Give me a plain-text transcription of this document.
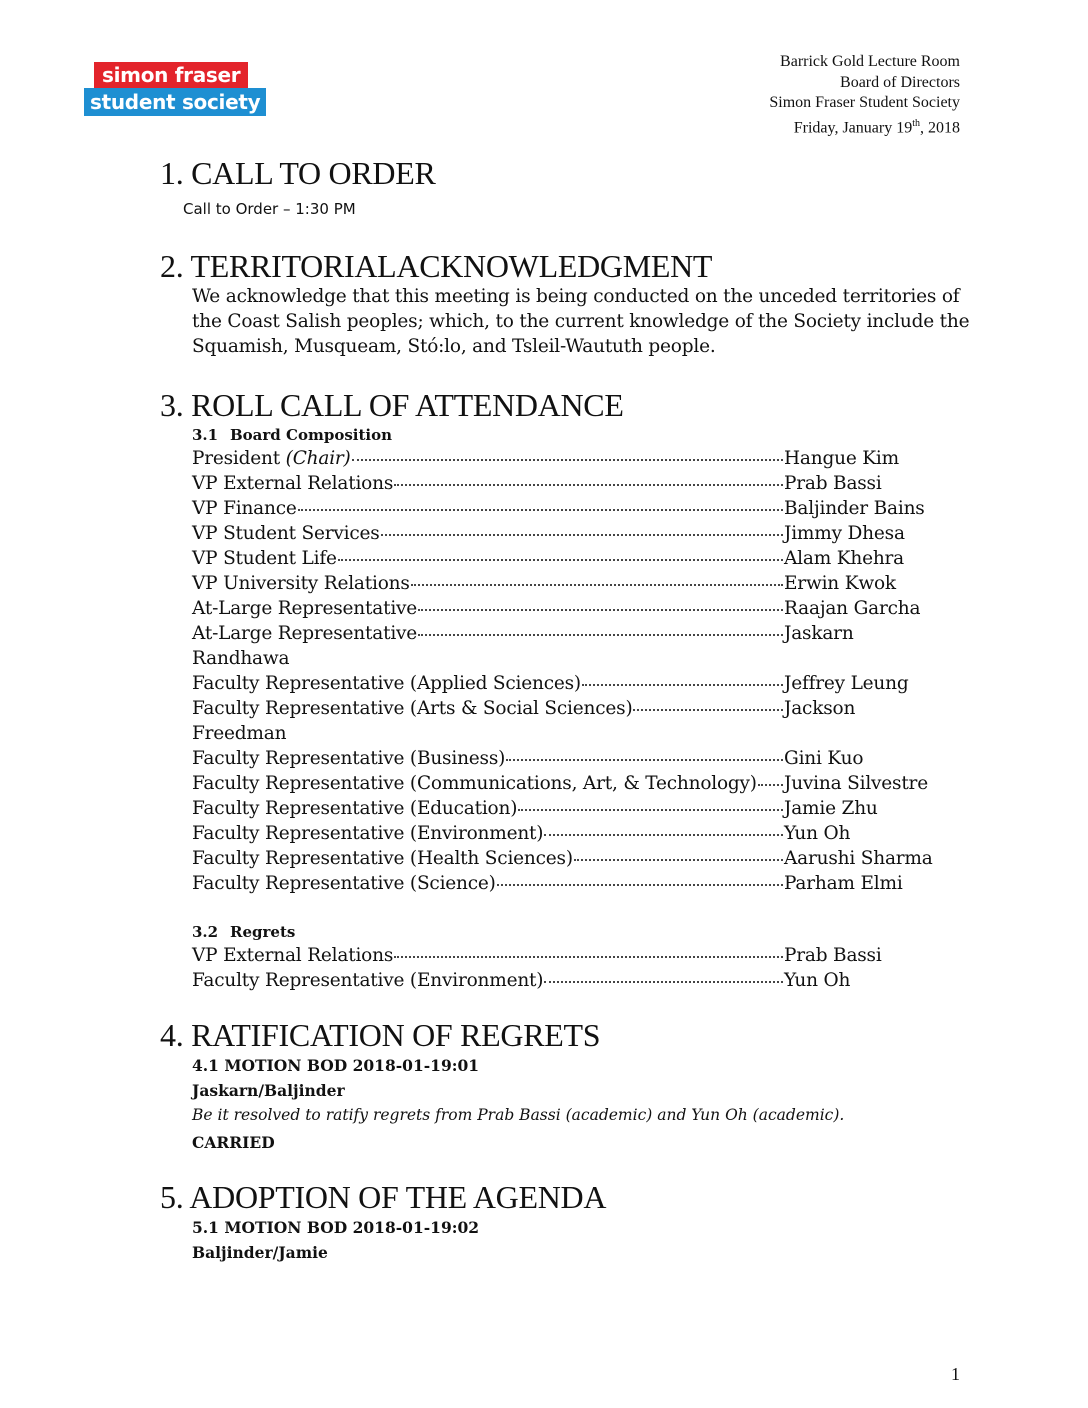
simon fraser
student society
Barrick Gold Lecture Room
Board of Directors
Simon Fraser Student Society
Friday, January 19th, 2018
1. CALL TO ORDER
Call to Order – 1:30 PM
2. TERRITORIALACKNOWLEDGMENT
We acknowledge that this meeting is being conducted on the unceded territories of the Coast Salish peoples; which, to the current knowledge of the Society include the Squamish, Musqueam, Stó:lo, and Tsleil-Waututh people.
3. ROLL CALL OF ATTENDANCE
3.1 Board Composition
President (Chair)	Hangue Kim
VP External Relations	Prab Bassi
VP Finance	Baljinder Bains
VP Student Services	Jimmy Dhesa
VP Student Life	Alam Khehra
VP University Relations	Erwin Kwok
At-Large Representative	Raajan Garcha
At-Large Representative	Jaskarn
Randhawa
Faculty Representative (Applied Sciences)	Jeffrey Leung
Faculty Representative (Arts & Social Sciences)	Jackson
Freedman
Faculty Representative (Business)	Gini Kuo
Faculty Representative (Communications, Art, & Technology) Juvina Silvestre
Faculty Representative (Education)	Jamie Zhu
Faculty Representative (Environment)	Yun Oh
Faculty Representative (Health Sciences)	Aarushi Sharma
Faculty Representative (Science)	Parham Elmi
3.2 Regrets
VP External Relations	Prab Bassi
Faculty Representative (Environment)	Yun Oh
4. RATIFICATION OF REGRETS
4.1 MOTION BOD 2018-01-19:01
Jaskarn/Baljinder
Be it resolved to ratify regrets from Prab Bassi (academic) and Yun Oh (academic).
CARRIED
5. ADOPTION OF THE AGENDA
5.1 MOTION BOD 2018-01-19:02
Baljinder/Jamie
1
